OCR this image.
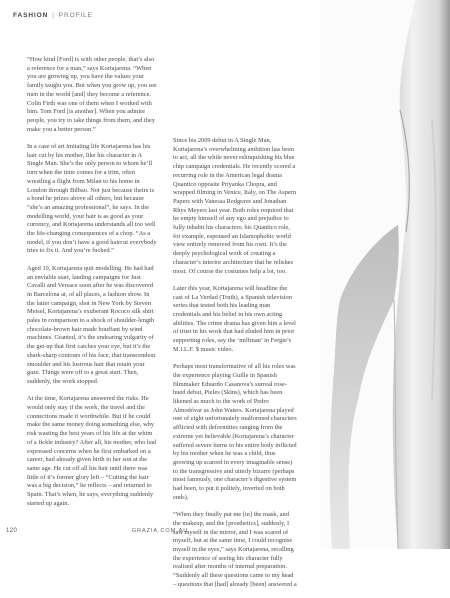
FASHION | PROFILE

“How kind [Ford] is with other people, that’s also a reference for a man,” says Kortajarena. “When you are growing up, you have the values your family taught you. But when you grow up, you see men in the world [and] they become a reference. Colin Firth was one of them when I worked with him. Tom Ford [is another]. When you admire people, you try to take things from them, and they make you a better person.”

In a case of art imitating life Kortajarena has his hair cut by his mother, like his character in A Single Man. She’s the only person to whom he’ll turn when the time comes for a trim, often wrestling a flight from Milan to his home in London through Bilbao. Not just because theirs is a bond he prizes above all others, but because “she’s an amazing professional”, he says. In the modelling world, your hair is as good as your currency, and Kortajarena understands all too well the life-changing consequences of a chop. “As a model, if you don’t have a good haircut everybody tries to fix it. And you’re fucked.”

Aged 19, Kortajarena quit modelling. He had had an enviable start, landing campaigns for Just Cavalli and Versace soon after he was discovered in Barcelona at, of all places, a fashion show. In the latter campaign, shot in New York by Steven Meisel, Kortajarena’s exuberant Rococo silk shirt pales in comparison to a shock of shoulder-length chocolate-brown hair made bouffant by wind machines. Granted, it’s the endearing vulgarity of the get-up that first catches your eye, but it’s the shark-sharp contours of his face, that transcendent smoulder and his lustrous hair that retain your gaze. Things were off to a great start. Then, suddenly, the work stopped.

At the time, Kortajarena answered the risks. He would only stay if the work, the travel and the connections made it worthwhile. But if he could make the same money doing something else, why risk wasting the best years of his life at the whim of a fickle industry? After all, his mother, who had expressed concerns when he first embarked on a career, had already given birth to her son at the same age. He cut off all his hair until there was little of it’s former glory left – “Cutting the hair was a big decision,” he reflects – and returned to Spain. That’s when, he says, everything suddenly started up again.

Since his 2009 debut in A Single Man, Kortajarena’s overwhelming ambition has been to act, all the while never relinquishing his blue chip campaign credentials. He recently scored a recurring role in the American legal drama Quantico opposite Priyanka Chopra, and wrapped filming in Venice, Italy, on The Aspern Papers with Vanessa Redgrave and Jonathan Rhys Meyers last year. Both roles required that he empty himself of any ego and prejudice to fully inhabit his characters; his Quantico role, for example, espoused an Islamophobic world view entirely removed from his own. It’s the deeply psychological work of creating a character’s interior architecture that he relishes most. Of course the costumes help a lot, too.

Later this year, Kortajarena will headline the cast of La Verdad (Truth), a Spanish television series that tested both his leading man credentials and his belief in his own acting abilities. The crime drama has given him a level of trust in his work that had eluded him in prior supporting roles, say the ‘milfman’ in Fergie’s M.I.L.F. $ music video.

Perhaps most transformative of all his roles was the experience playing Guille in Spanish filmmaker Eduardo Casanova’s surreal rose-hued debut, Pieles (Skins), which has been likened as much to the work of Pedro Almodóvar as John Waters. Kortajarena played one of eight unfortunately malformed characters afflicted with deformities ranging from the extreme yet believable (Kortajarena’s character suffered severe burns to his entire body inflicted by his mother when he was a child, thus growing up scarred in every imaginable sense) to the transgressive and utterly bizarre (perhaps most famously, one character’s digestive system had been, to put it politely, inverted on both ends).

“When they finally put me [in] the mask, and the makeup, and the [prosthetics], suddenly, I saw myself in the mirror, and I was scared of myself, but at the same time, I could recognise myself in the eyes,” says Kortajarena, recalling the experience of seeing his character fully realised after months of internal preparation. “Suddenly all these questions came to my head – questions that [had] already [been] answered a

120	GRAZIA.COM.AU
